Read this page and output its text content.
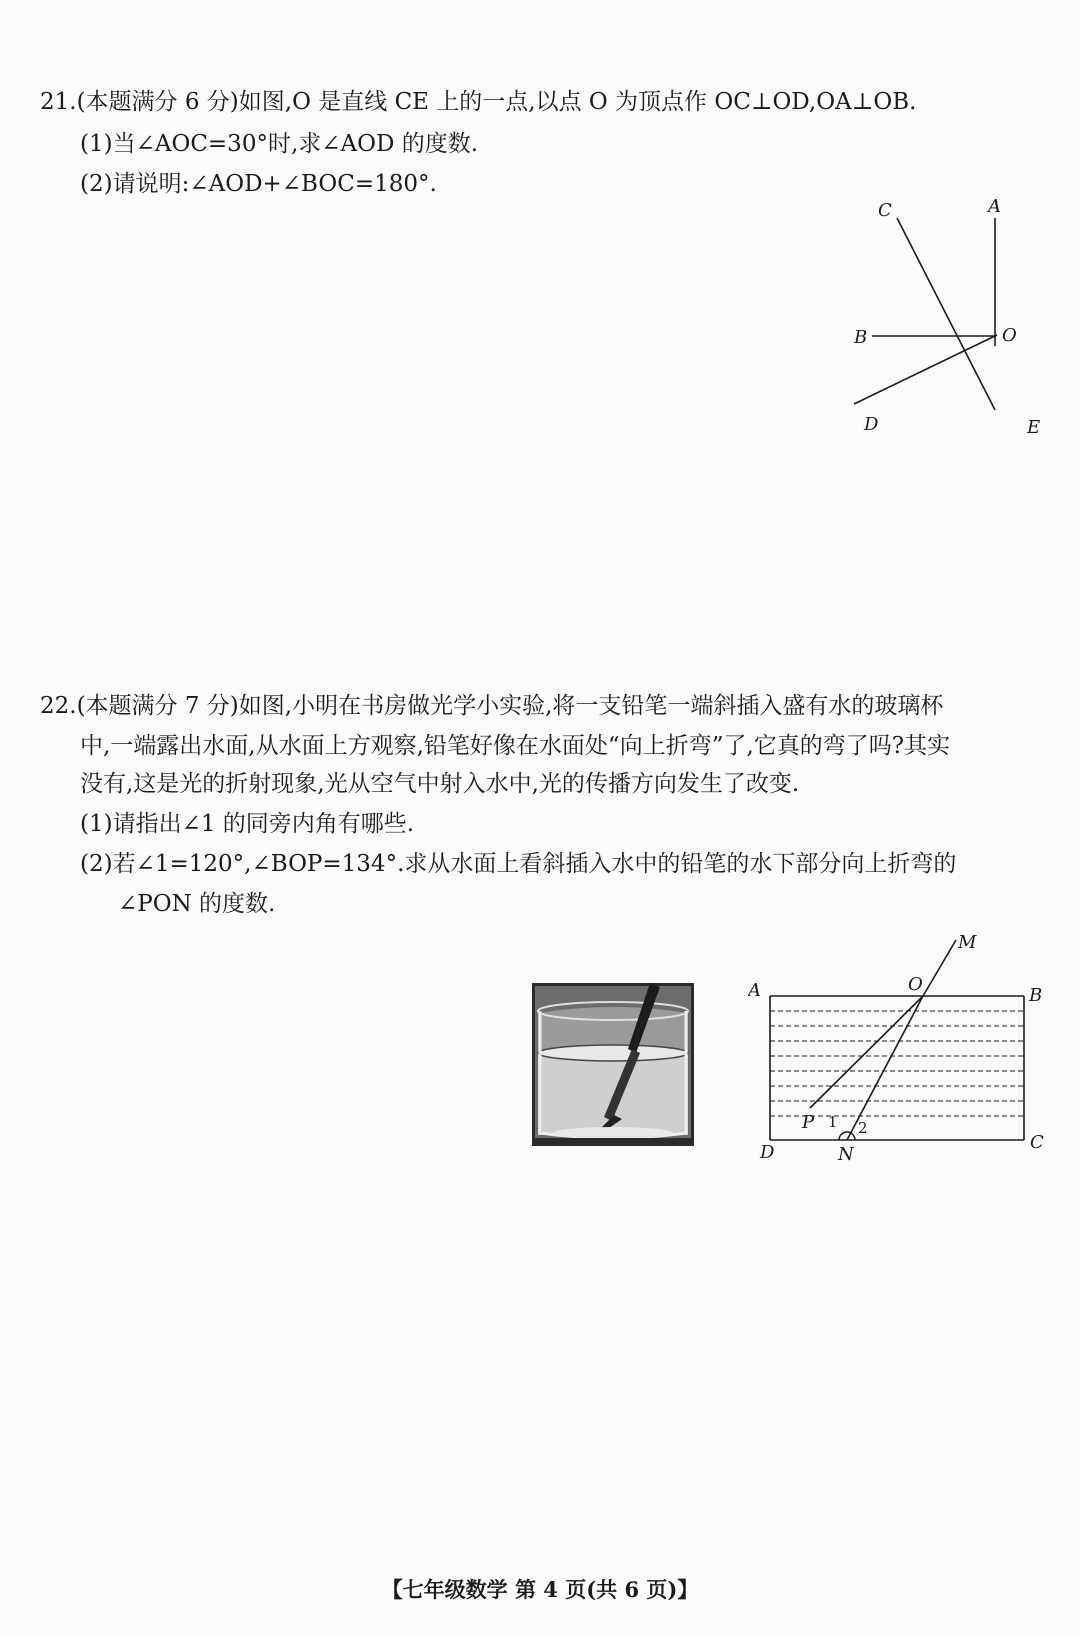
21.(本题满分 6 分)如图,O 是直线 CE 上的一点,以点 O 为顶点作 OC⊥OD,OA⊥OB.
(1)当∠AOC=30°时,求∠AOD 的度数.
(2)请说明:∠AOD+∠BOC=180°.
C	A
B	O
D	E
22.(本题满分 7 分)如图,小明在书房做光学小实验,将一支铅笔一端斜插入盛有水的玻璃杯
中,一端露出水面,从水面上方观察,铅笔好像在水面处“向上折弯”了,它真的弯了吗?其实
没有,这是光的折射现象,光从空气中射入水中,光的传播方向发生了改变.
(1)请指出∠1 的同旁内角有哪些.
(2)若∠1=120°,∠BOP=134°.求从水面上看斜插入水中的铅笔的水下部分向上折弯的
∠PON 的度数.
M
O
A	B
P 1 2
D	N
C
【七年级数学 第 4 页(共 6 页)】
